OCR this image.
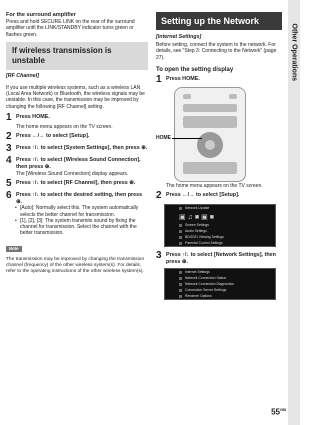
Other Operations
For the surround amplifier

Press and hold SECURE LINK on the rear of the surround amplifier until the LINK/STANDBY indicator turns green or flashes green.

If wireless transmission is unstable
[RF Channel]

If you use multiple wireless systems, such as a wireless LAN (Local Area Network) or Bluetooth, the wireless signals may be unstable. In this case, the transmission may be improved by changing the following [RF Channel] setting.

1 Press HOME.
The home menu appears on the TV screen.
2 Press ←/→ to select [Setup].
3 Press ↑/↓ to select [System Settings], then press ⊕.
4 Press ↑/↓ to select [Wireless Sound Connection], then press ⊕.
The [Wireless Sound Connection] display appears.
5 Press ↑/↓ to select [RF Channel], then press ⊕.
6 Press ↑/↓ to select the desired setting, then press ⊕.
• [Auto]: Normally select this. The system automatically selects the better channel for transmission.
• [1], [2], [3]: The system transmits sound by fixing the channel for transmission. Select the channel with the better transmission.
Note
The transmission may be improved by changing the transmission channel (frequency) of the other wireless system(s). For details, refer to the operating instructions of the other wireless system(s).
Setting up the Network
[Internet Settings]

Before setting, connect the system to the network. For details, see “Step 3: Connecting to the Network” (page 27).

To open the setting display
1 Press HOME.
HOME
The home menu appears on the TV screen.
2 Press ←/→ to select [Setup].
Network Update
▣♫■▣■
Screen Settings
Audio Settings
BD/DVD Viewing Settings
Parental Control Settings
3 Press ↑/↓ to select [Network Settings], then press ⊕.
Internet Settings
Network Connection Status
Network Connection Diagnostics
Connection Server Settings
Renderer Options
$55^{GB}$
